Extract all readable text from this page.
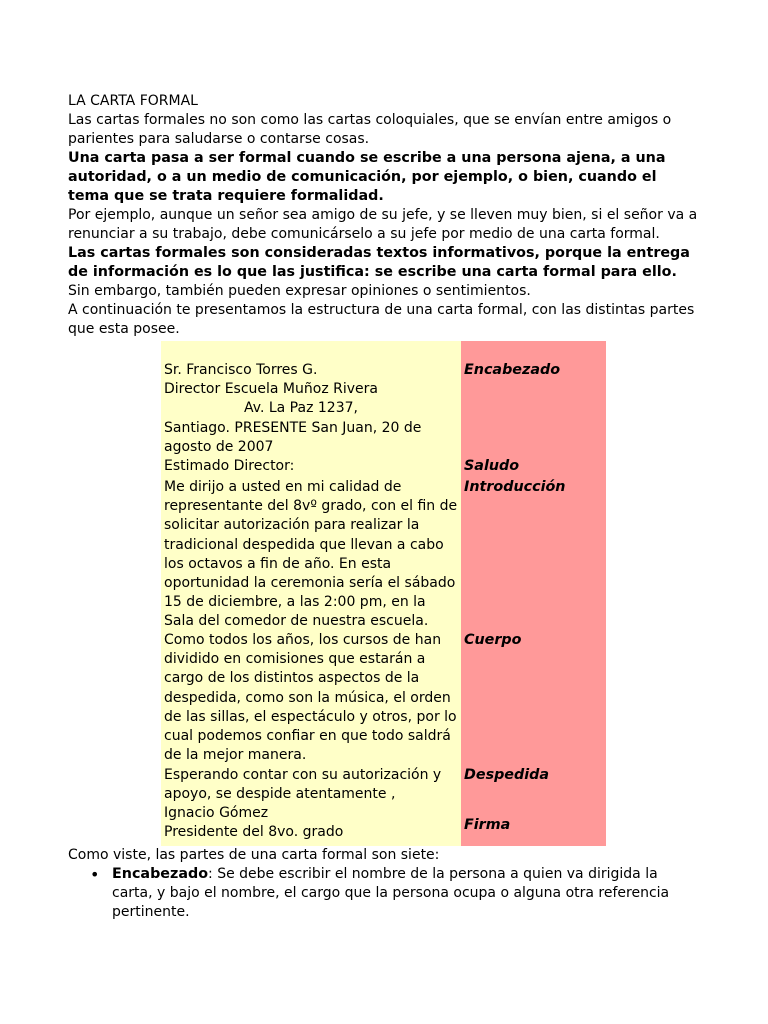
LA CARTA FORMAL

Las cartas formales no son como las cartas coloquiales, que se envían entre amigos o parientes para saludarse o contarse cosas.

Una carta pasa a ser formal cuando se escribe a una persona ajena, a una autoridad, o a un medio de comunicación, por ejemplo, o bien, cuando el tema que se trata requiere formalidad.

Por ejemplo, aunque un señor sea amigo de su jefe, y se lleven muy bien, si el señor va a renunciar a su trabajo, debe comunicárselo a su jefe por medio de una carta formal.

Las cartas formales son consideradas textos informativos, porque la entrega de información es lo que las justifica: se escribe una carta formal para ello. Sin embargo, también pueden expresar opiniones o sentimientos.

A continuación te presentamos la estructura de una carta formal, con las distintas partes que esta posee.

Sr. Francisco Torres G.
Director Escuela Muñoz Rivera
Av. La Paz 1237,
Santiago. PRESENTE San Juan, 20 de agosto de 2007
Encabezado
Estimado Director:	Saludo
Me dirijo a usted en mi calidad de representante del 8vº grado, con el fin de solicitar autorización para realizar la tradicional despedida que llevan a cabo los octavos a fin de año. En esta oportunidad la ceremonia sería el sábado 15 de diciembre, a las 2:00 pm, en la Sala del comedor de nuestra escuela.
Introducción
Como todos los años, los cursos de han dividido en comisiones que estarán a cargo de los distintos aspectos de la despedida, como son la música, el orden de las sillas, el espectáculo y otros, por lo cual podemos confiar en que todo saldrá de la mejor manera.
Cuerpo
Esperando contar con su autorización y apoyo, se despide atentamente ,
Despedida
Ignacio Gómez
Presidente del 8vo. grado	Firma

Como viste, las partes de una carta formal son siete:

• Encabezado: Se debe escribir el nombre de la persona a quien va dirigida la carta, y bajo el nombre, el cargo que la persona ocupa o alguna otra referencia pertinente.
